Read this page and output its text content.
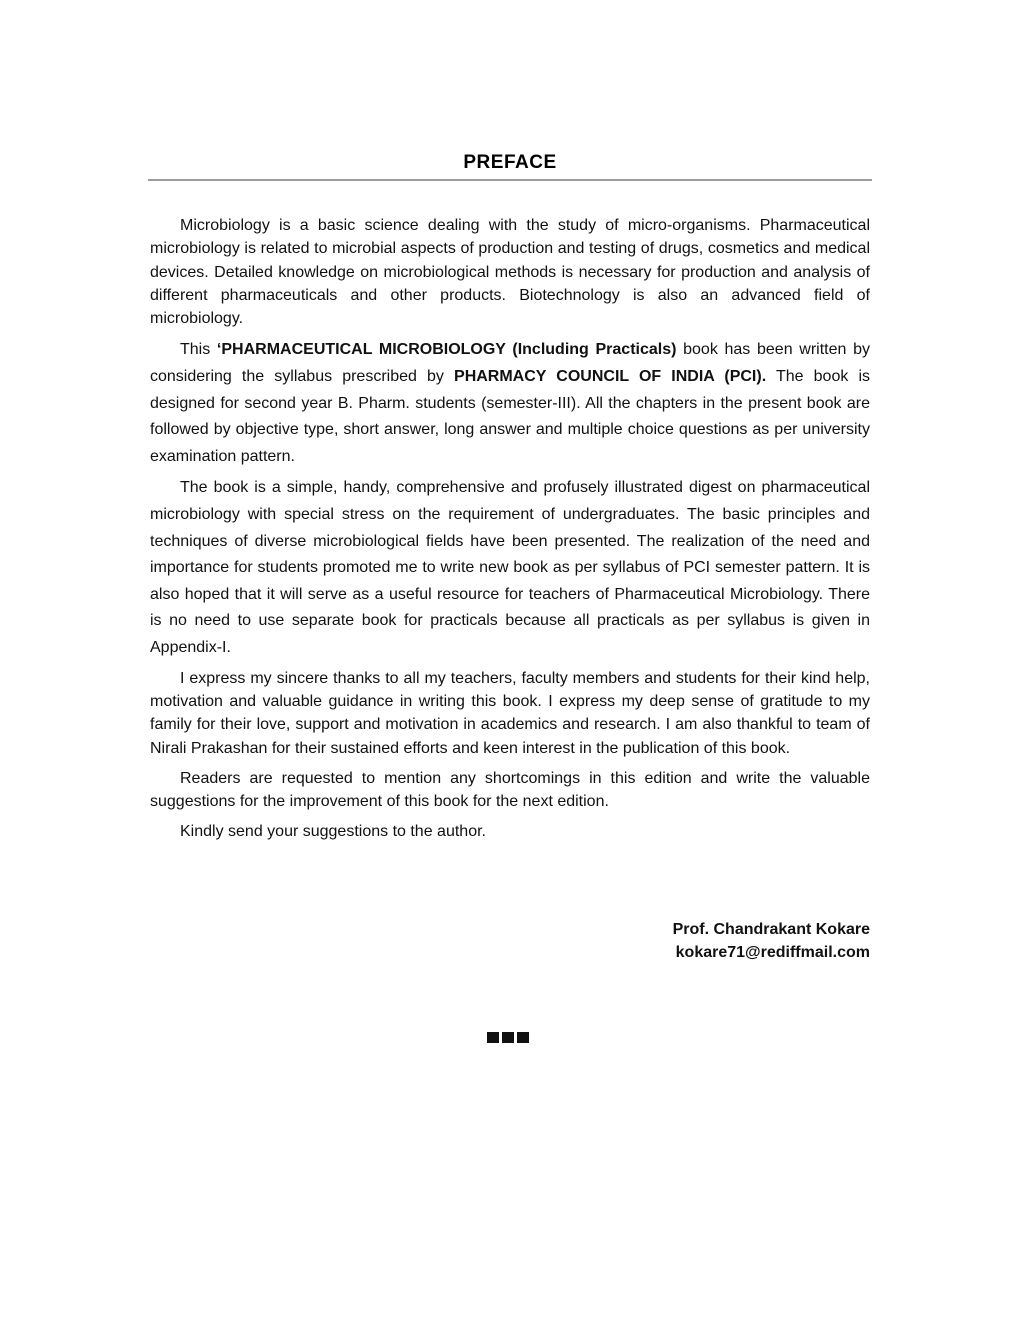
PREFACE

Microbiology is a basic science dealing with the study of micro-organisms. Pharmaceutical microbiology is related to microbial aspects of production and testing of drugs, cosmetics and medical devices. Detailed knowledge on microbiological methods is necessary for production and analysis of different pharmaceuticals and other products. Biotechnology is also an advanced field of microbiology.

This ‘PHARMACEUTICAL MICROBIOLOGY (Including Practicals) book has been written by considering the syllabus prescribed by PHARMACY COUNCIL OF INDIA (PCI). The book is designed for second year B. Pharm. students (semester-III). All the chapters in the present book are followed by objective type, short answer, long answer and multiple choice questions as per university examination pattern.

The book is a simple, handy, comprehensive and profusely illustrated digest on pharmaceutical microbiology with special stress on the requirement of undergraduates. The basic principles and techniques of diverse microbiological fields have been presented. The realization of the need and importance for students promoted me to write new book as per syllabus of PCI semester pattern. It is also hoped that it will serve as a useful resource for teachers of Pharmaceutical Microbiology. There is no need to use separate book for practicals because all practicals as per syllabus is given in Appendix-I.

I express my sincere thanks to all my teachers, faculty members and students for their kind help, motivation and valuable guidance in writing this book. I express my deep sense of gratitude to my family for their love, support and motivation in academics and research. I am also thankful to team of Nirali Prakashan for their sustained efforts and keen interest in the publication of this book.

Readers are requested to mention any shortcomings in this edition and write the valuable suggestions for the improvement of this book for the next edition.

Kindly send your suggestions to the author.

Prof. Chandrakant Kokare
kokare71@rediffmail.com
